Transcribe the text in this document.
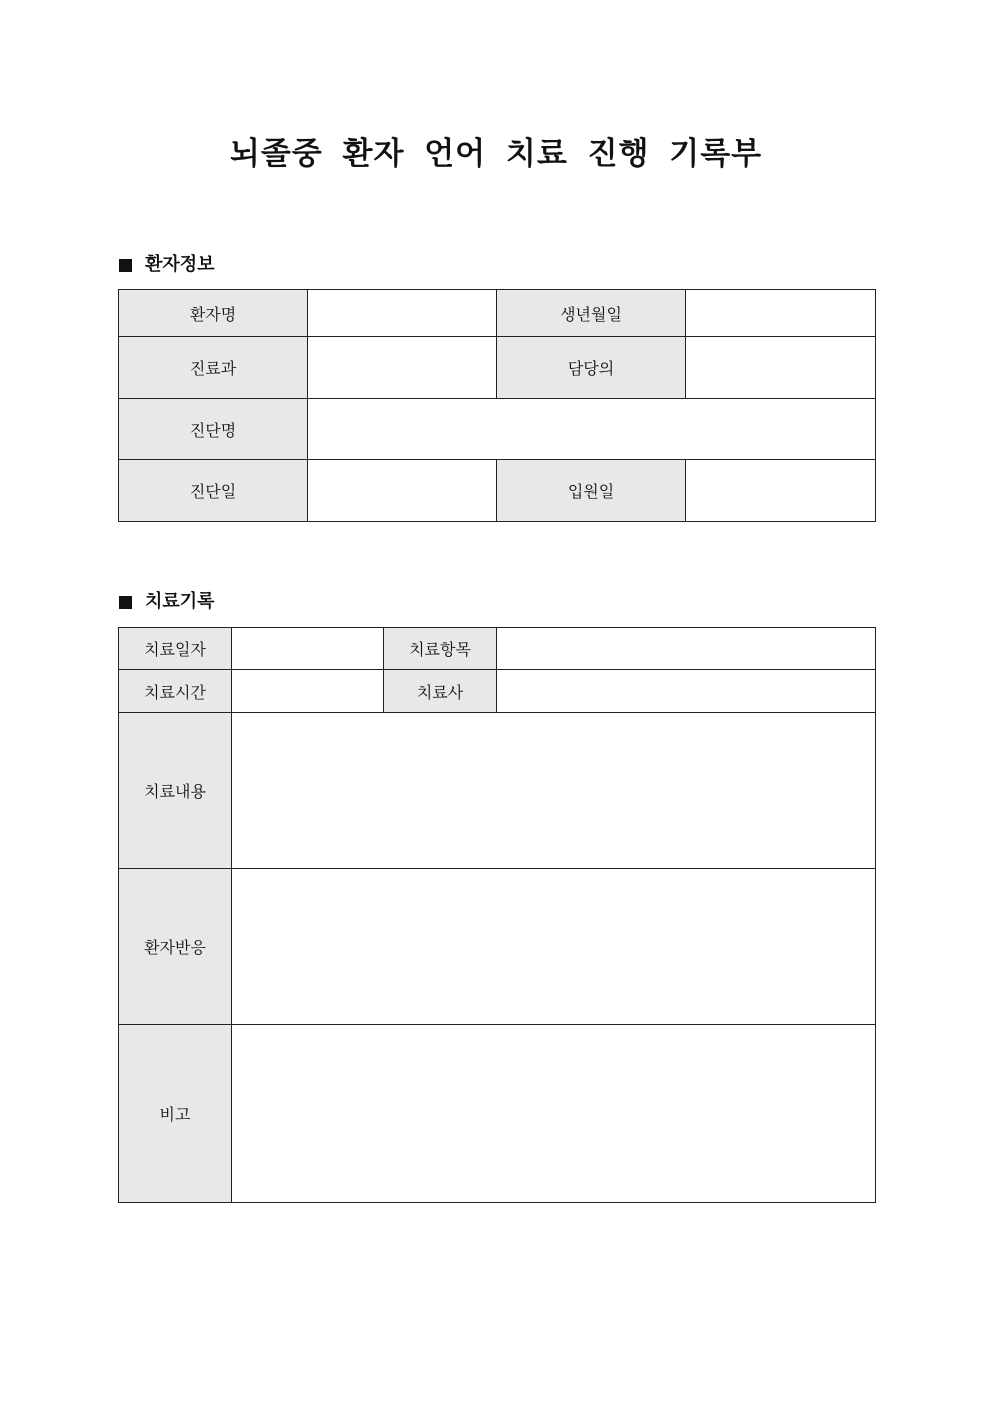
뇌졸중 환자 언어 치료 진행 기록부
환자정보
환자명		생년월일	
진료과		담당의	
진단명			
진단일		입원일	
치료기록
치료일자		치료항목	
치료시간		치료사	
치료내용			
환자반응			
비고			
